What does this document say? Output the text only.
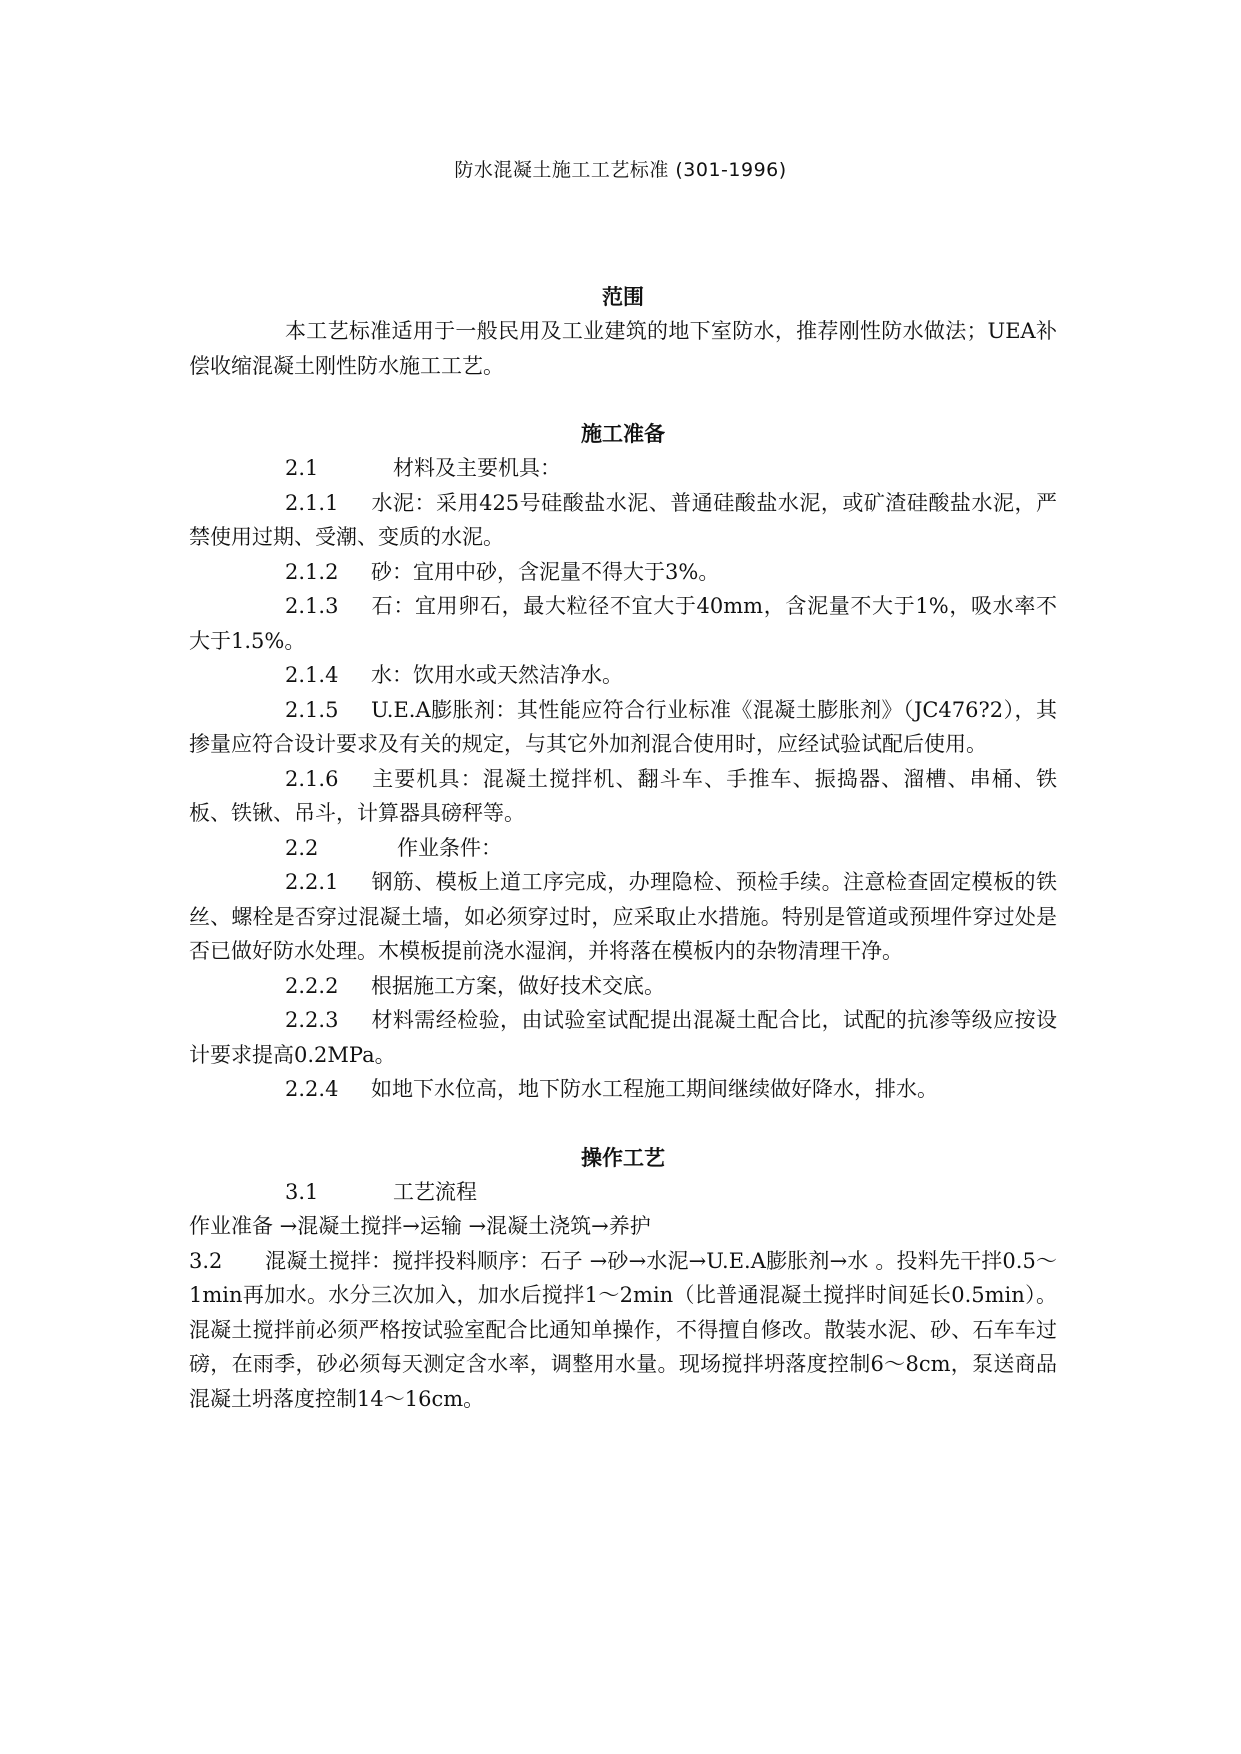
防水混凝土施工工艺标准 (301-1996)
范围

本工艺标准适用于一般民用及工业建筑的地下室防水，推荐刚性防水做法；UEA补偿收缩混凝土刚性防水施工工艺。

施工准备

2.1	材料及主要机具：

2.1.1 水泥：采用425号硅酸盐水泥、普通硅酸盐水泥，或矿渣硅酸盐水泥，严禁使用过期、受潮、变质的水泥。

2.1.2 砂：宜用中砂，含泥量不得大于3%。

2.1.3 石：宜用卵石，最大粒径不宜大于40mm，含泥量不大于1%，吸水率不大于1.5%。

2.1.4 水：饮用水或天然洁净水。

2.1.5 U.E.A膨胀剂：其性能应符合行业标准《混凝土膨胀剂》（JC476?2），其掺量应符合设计要求及有关的规定，与其它外加剂混合使用时，应经试验试配后使用。

2.1.6 主要机具：混凝土搅拌机、翻斗车、手推车、振捣器、溜槽、串桶、铁板、铁锹、吊斗，计算器具磅秤等。

2.2	作业条件：

2.2.1 钢筋、模板上道工序完成，办理隐检、预检手续。注意检查固定模板的铁丝、螺栓是否穿过混凝土墙，如必须穿过时，应采取止水措施。特别是管道或预埋件穿过处是否已做好防水处理。木模板提前浇水湿润，并将落在模板内的杂物清理干净。

2.2.2 根据施工方案，做好技术交底。

2.2.3 材料需经检验，由试验室试配提出混凝土配合比，试配的抗渗等级应按设计要求提高0.2MPa。

2.2.4 如地下水位高，地下防水工程施工期间继续做好降水，排水。

操作工艺

3.1	工艺流程

作业准备 →混凝土搅拌→运输 →混凝土浇筑→养护

3.2 混凝土搅拌：搅拌投料顺序：石子 →砂→水泥→U.E.A膨胀剂→水 。投料先干拌0.5～1min再加水。水分三次加入，加水后搅拌1～2min（比普通混凝土搅拌时间延长0.5min）。混凝土搅拌前必须严格按试验室配合比通知单操作，不得擅自修改。散装水泥、砂、石车车过磅，在雨季，砂必须每天测定含水率，调整用水量。现场搅拌坍落度控制6～8cm，泵送商品混凝土坍落度控制14～16cm。
